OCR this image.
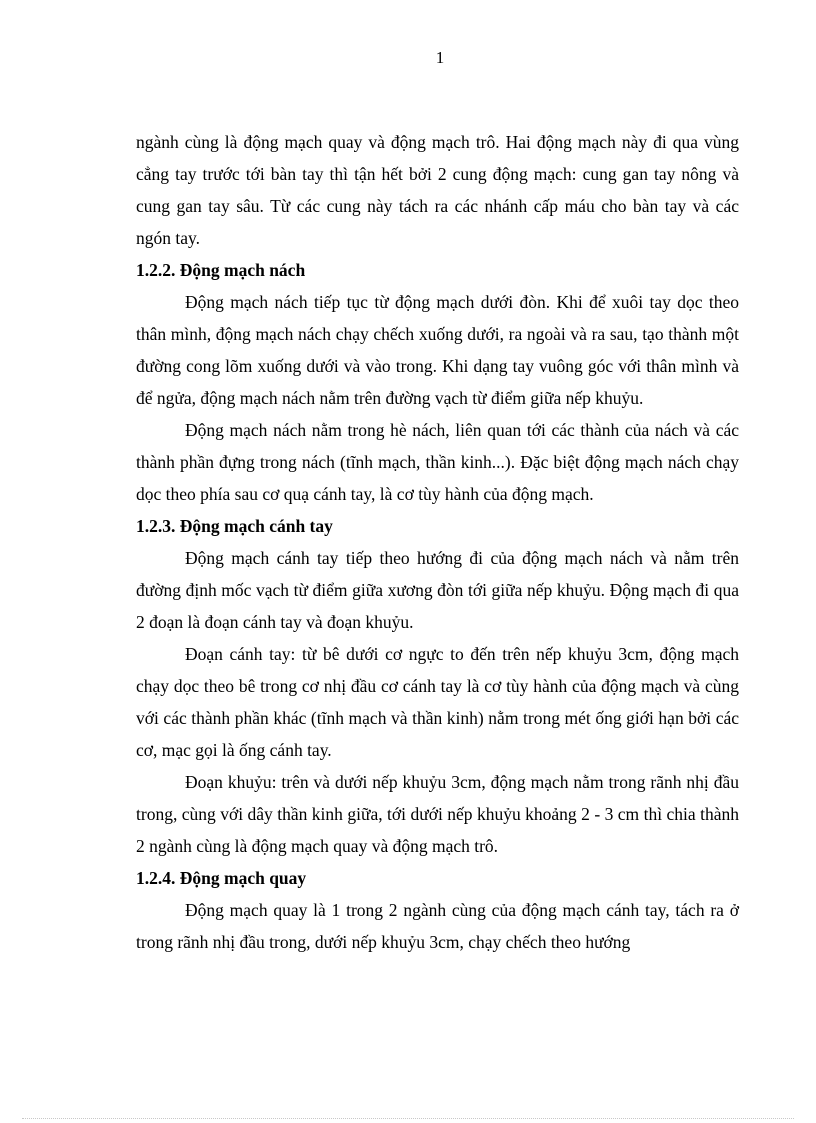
1

ngành cùng là động mạch quay và động mạch trô. Hai động mạch này đi qua vùng cẳng tay trước tới bàn tay thì tận hết bởi 2 cung động mạch: cung gan tay nông và cung gan tay sâu. Từ các cung này tách ra các nhánh cấp máu cho bàn tay và các ngón tay.

1.2.2. Động mạch nách

Động mạch nách tiếp tục từ động mạch dưới đòn. Khi để xuôi tay dọc theo thân mình, động mạch nách chạy chếch xuống dưới, ra ngoài và ra sau, tạo thành một đường cong lõm xuống dưới và vào trong. Khi dạng tay vuông góc với thân mình và để ngửa, động mạch nách nằm trên đường vạch từ điểm giữa nếp khuỷu.

Động mạch nách nằm trong hè nách, liên quan tới các thành của nách và các thành phần đựng trong nách (tĩnh mạch, thần kinh...). Đặc biệt động mạch nách chạy dọc theo phía sau cơ quạ cánh tay, là cơ tùy hành của động mạch.

1.2.3. Động mạch cánh tay

Động mạch cánh tay tiếp theo hướng đi của động mạch nách và nằm trên đường định mốc vạch từ điểm giữa xương đòn tới giữa nếp khuỷu. Động mạch đi qua 2 đoạn là đoạn cánh tay và đoạn khuỷu.

Đoạn cánh tay: từ bê dưới cơ ngực to đến trên nếp khuỷu 3cm, động mạch chạy dọc theo bê trong cơ nhị đầu cơ cánh tay là cơ tùy hành của động mạch và cùng với các thành phần khác (tĩnh mạch và thần kinh) nằm trong mét ống giới hạn bởi các cơ, mạc gọi là ống cánh tay.

Đoạn khuỷu: trên và dưới nếp khuỷu 3cm, động mạch nằm trong rãnh nhị đầu trong, cùng với dây thần kinh giữa, tới dưới nếp khuỷu khoảng 2 - 3 cm thì chia thành 2 ngành cùng là động mạch quay và động mạch trô.

1.2.4. Động mạch quay

Động mạch quay là 1 trong 2 ngành cùng của động mạch cánh tay, tách ra ở trong rãnh nhị đầu trong, dưới nếp khuỷu 3cm, chạy chếch theo hướng
